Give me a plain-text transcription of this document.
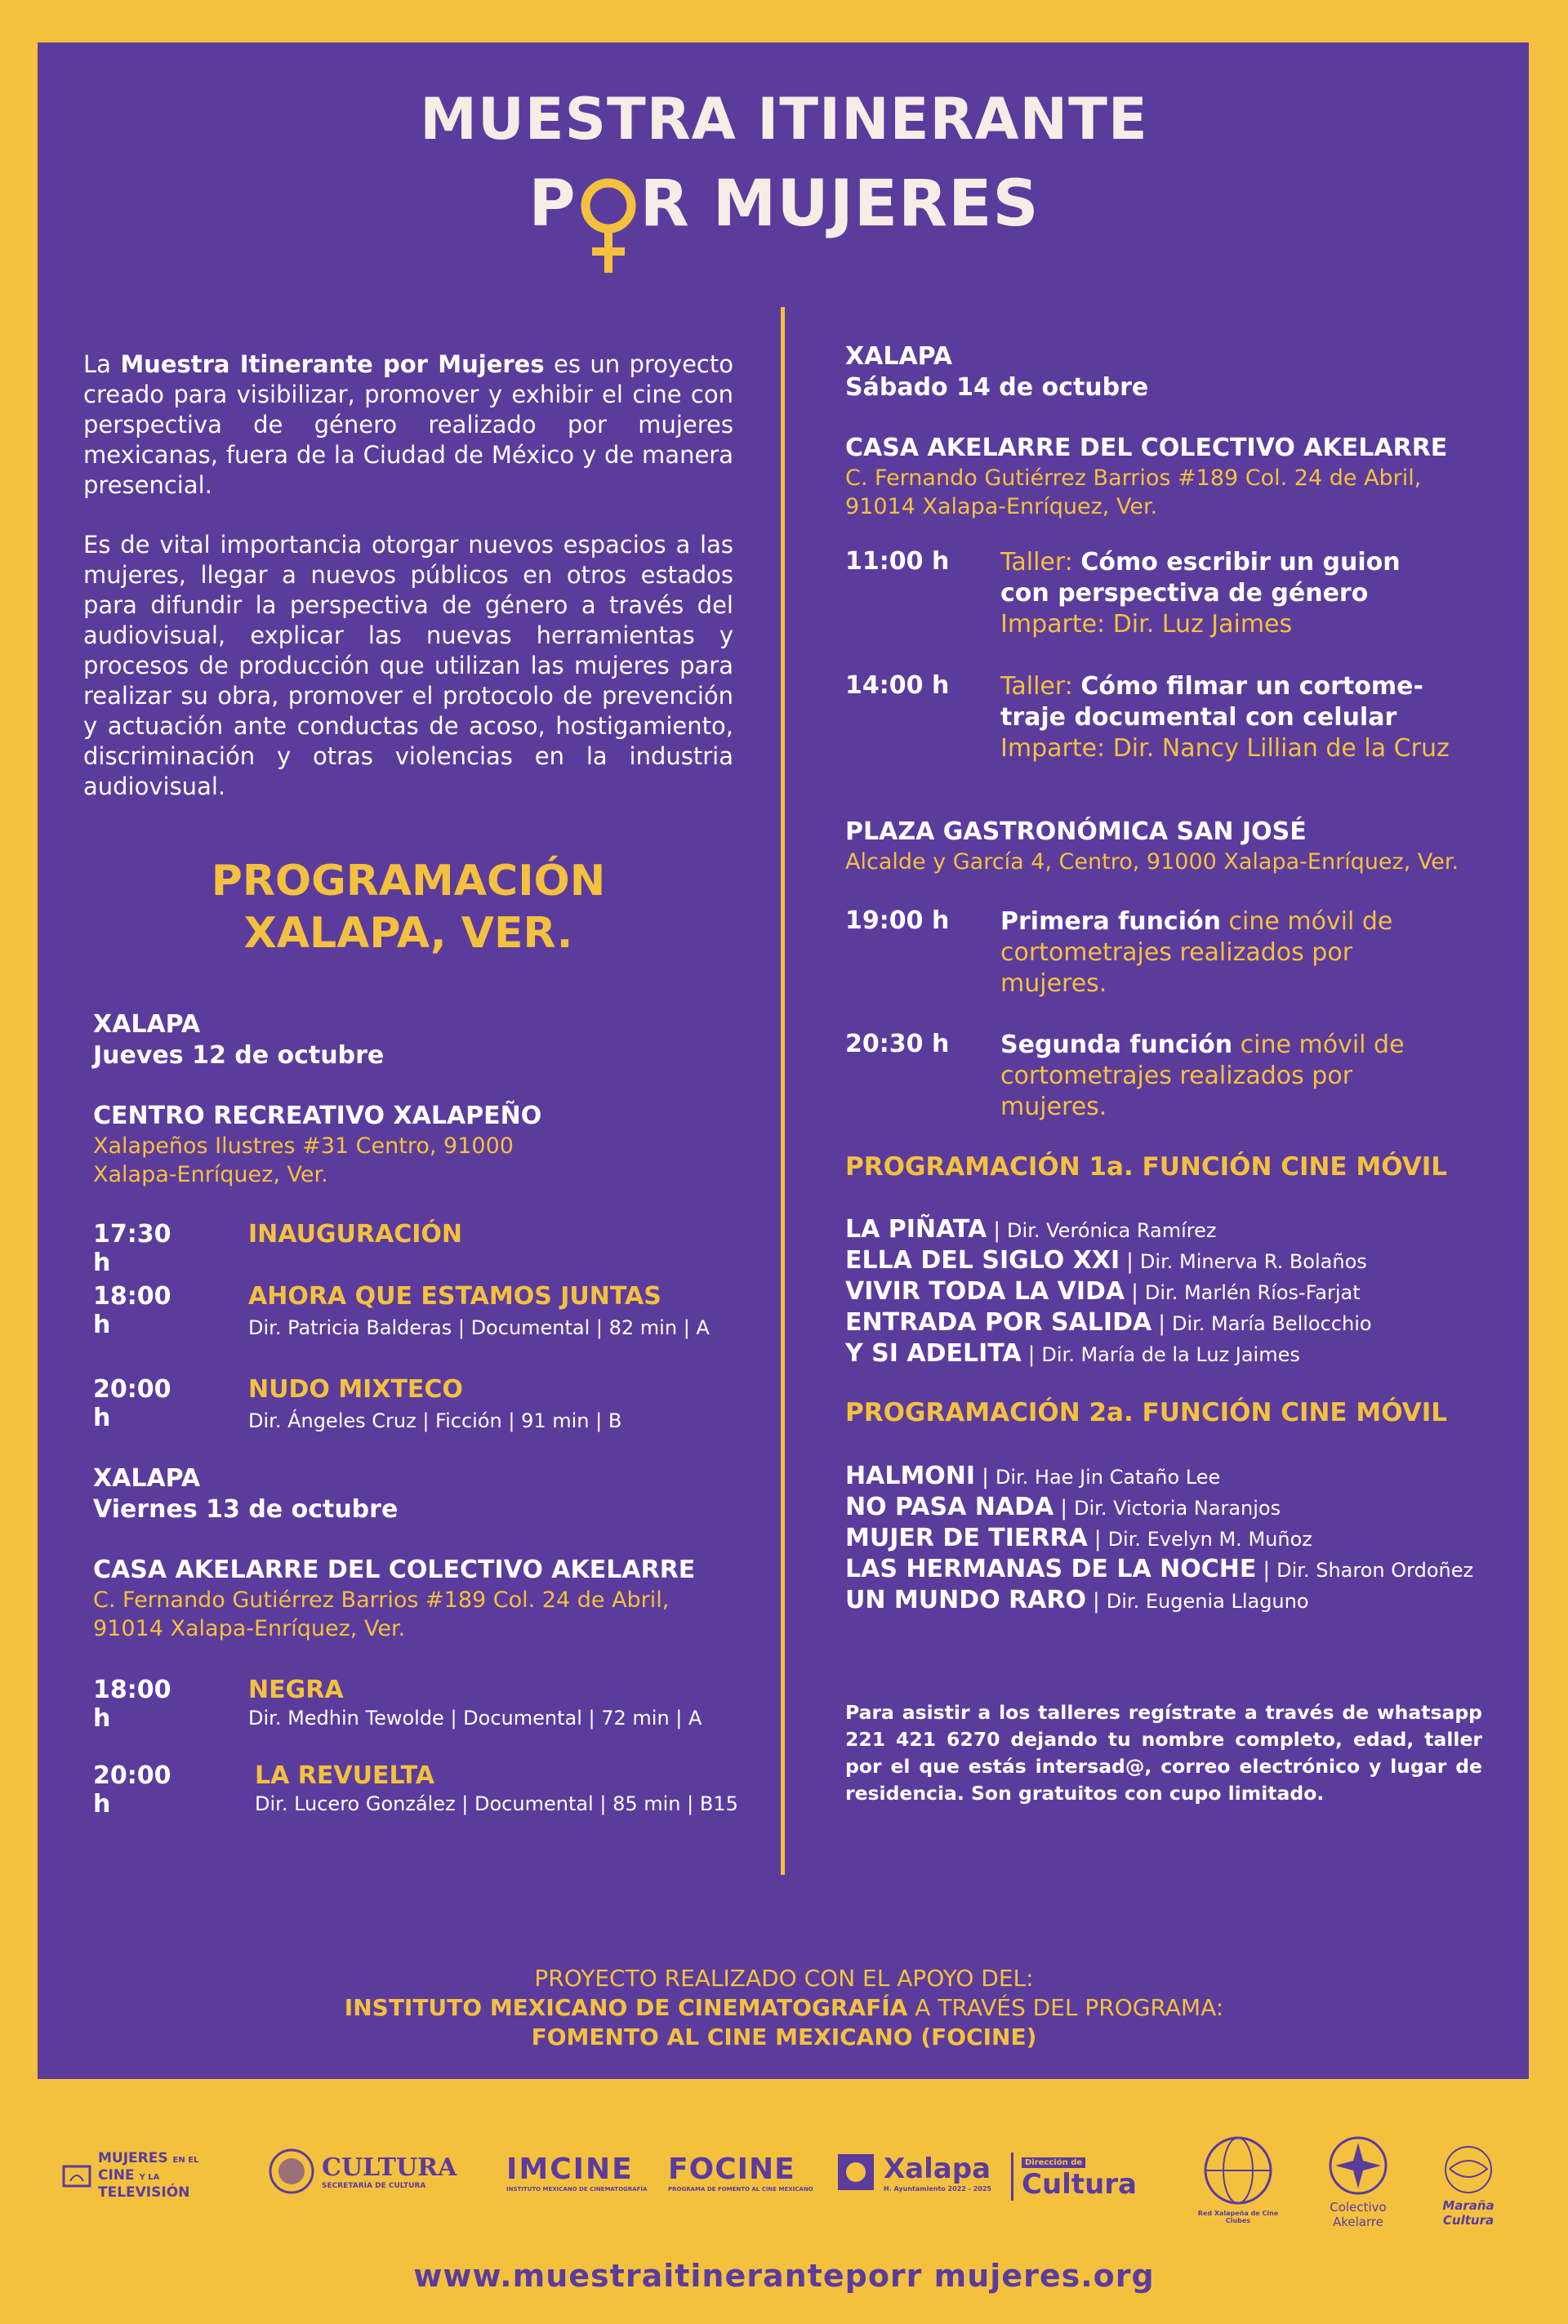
MUESTRA ITINERANTE
P R MUJERES

La Muestra Itinerante por Mujeres es un proyecto creado para visibilizar, promover y exhibir el cine con perspectiva de género realizado por mujeres mexicanas, fuera de la Ciudad de México y de manera presencial.

Es de vital importancia otorgar nuevos espacios a las mujeres, llegar a nuevos públicos en otros estados para difundir la perspectiva de género a través del audiovisual, explicar las nuevas herramientas y procesos de producción que utilizan las mujeres para realizar su obra, promover el protocolo de prevención y actuación ante conductas de acoso, hostigamiento, discriminación y otras violencias en la industria audiovisual.

PROGRAMACIÓN
XALAPA, VER.
XALAPA
Jueves 12 de octubre
CENTRO RECREATIVO XALAPEÑO
Xalapeños Ilustres #31 Centro, 91000
Xalapa-Enríquez, Ver.
17:30 h
INAUGURACIÓN
18:00 h
AHORA QUE ESTAMOS JUNTAS
Dir. Patricia Balderas | Documental | 82 min | A
20:00 h
NUDO MIXTECO
Dir. Ángeles Cruz | Ficción | 91 min | B
XALAPA
Viernes 13 de octubre
CASA AKELARRE DEL COLECTIVO AKELARRE
C. Fernando Gutiérrez Barrios #189 Col. 24 de Abril,
91014 Xalapa-Enríquez, Ver.
18:00 h
NEGRA
Dir. Medhin Tewolde | Documental | 72 min | A
20:00 h
LA REVUELTA
Dir. Lucero González | Documental | 85 min | B15
XALAPA
Sábado 14 de octubre
CASA AKELARRE DEL COLECTIVO AKELARRE
C. Fernando Gutiérrez Barrios #189 Col. 24 de Abril,
91014 Xalapa-Enríquez, Ver.
11:00 h Taller: Cómo escribir un guion
con perspectiva de género
Imparte: Dir. Luz Jaimes
14:00 h Taller: Cómo filmar un cortome-
traje documental con celular
Imparte: Dir. Nancy Lillian de la Cruz
PLAZA GASTRONÓMICA SAN JOSÉ
Alcalde y García 4, Centro, 91000 Xalapa-Enríquez, Ver.
19:00 h Primera función cine móvil de
cortometrajes realizados por
mujeres.
20:30 h Segunda función cine móvil de
cortometrajes realizados por
mujeres.
PROGRAMACIÓN 1a. FUNCIÓN CINE MÓVIL
LA PIÑATA | Dir. Verónica Ramírez
ELLA DEL SIGLO XXI | Dir. Minerva R. Bolaños
VIVIR TODA LA VIDA | Dir. Marlén Ríos-Farjat
ENTRADA POR SALIDA | Dir. María Bellocchio
Y SI ADELITA | Dir. María de la Luz Jaimes
PROGRAMACIÓN 2a. FUNCIÓN CINE MÓVIL
HALMONI | Dir. Hae Jin Cataño Lee
NO PASA NADA | Dir. Victoria Naranjos
MUJER DE TIERRA | Dir. Evelyn M. Muñoz
LAS HERMANAS DE LA NOCHE | Dir. Sharon Ordoñez
UN MUNDO RARO | Dir. Eugenia Llaguno
Para asistir a los talleres regístrate a través de whatsapp 221 421 6270 dejando tu nombre completo, edad, taller por el que estás intersad@, correo electrónico y lugar de residencia. Son gratuitos con cupo limitado.
PROYECTO REALIZADO CON EL APOYO DEL:
INSTITUTO MEXICANO DE CINEMATOGRAFÍA A TRAVÉS DEL PROGRAMA:
FOMENTO AL CINE MEXICANO (FOCINE)
MUJERES EN EL
CINE Y LA
TELEVISIÓN
CULTURA
SECRETARÍA DE CULTURA	IMCINE
INSTITUTO MEXICANO DE CINEMATOGRAFÍA
FOCINE
PROGRAMA DE FOMENTO AL CINE MEXICANO
Xalapa
H. Ayuntamiento 2022 - 2025
Dirección de
Cultura
Red Xalapeña de Cine Clubes
Colectivo
Akelarre
Maraña
Cultura
www.muestraitineranteporr mujeres.org
